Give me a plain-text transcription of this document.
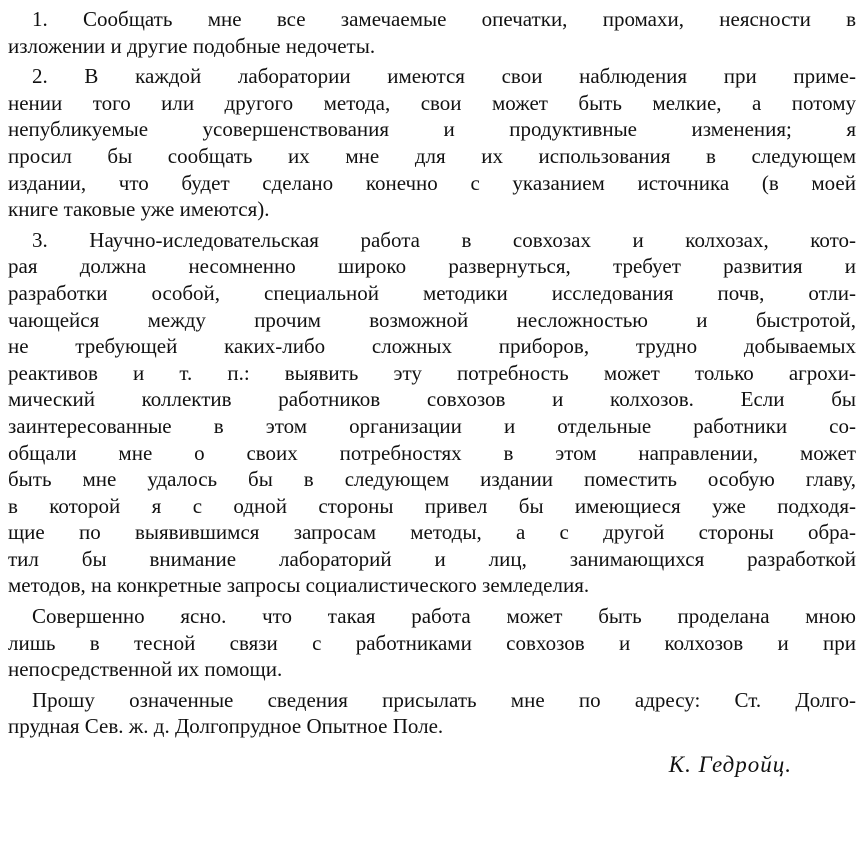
1. Сообщать мне все замечаемые опечатки, промахи, неясности в
изложении и другие подобные недочеты.
2. В каждой лаборатории имеются свои наблюдения при приме-
нении того или другого метода, свои может быть мелкие, а потому
непубликуемые усовершенствования и продуктивные изменения; я
просил бы сообщать их мне для их использования в следующем
издании, что будет сделано конечно с указанием источника (в моей
книге таковые уже имеются).
3. Научно-иследовательская работа в совхозах и колхозах, кото-
рая должна несомненно широко развернуться, требует развития и
разработки особой, специальной методики исследования почв, отли-
чающейся между прочим возможной несложностью и быстротой,
не требующей каких-либо сложных приборов, трудно добываемых
реактивов и т. п.: выявить эту потребность может только агрохи-
мический коллектив работников совхозов и колхозов. Если бы
заинтересованные в этом организации и отдельные работники со-
общали мне о своих потребностях в этом направлении, может
быть мне удалось бы в следующем издании поместить особую главу,
в которой я с одной стороны привел бы имеющиеся уже подходя-
щие по выявившимся запросам методы, а с другой стороны обра-
тил бы внимание лабораторий и лиц, занимающихся разработкой
методов, на конкретные запросы социалистического земледелия.
Совершенно ясно. что такая работа может быть проделана мною
лишь в тесной связи с работниками совхозов и колхозов и при
непосредственной их помощи.
Прошу означенные сведения присылать мне по адресу: Ст. Долго-
прудная Сев. ж. д. Долгопрудное Опытное Поле.
К. Гедройц.
